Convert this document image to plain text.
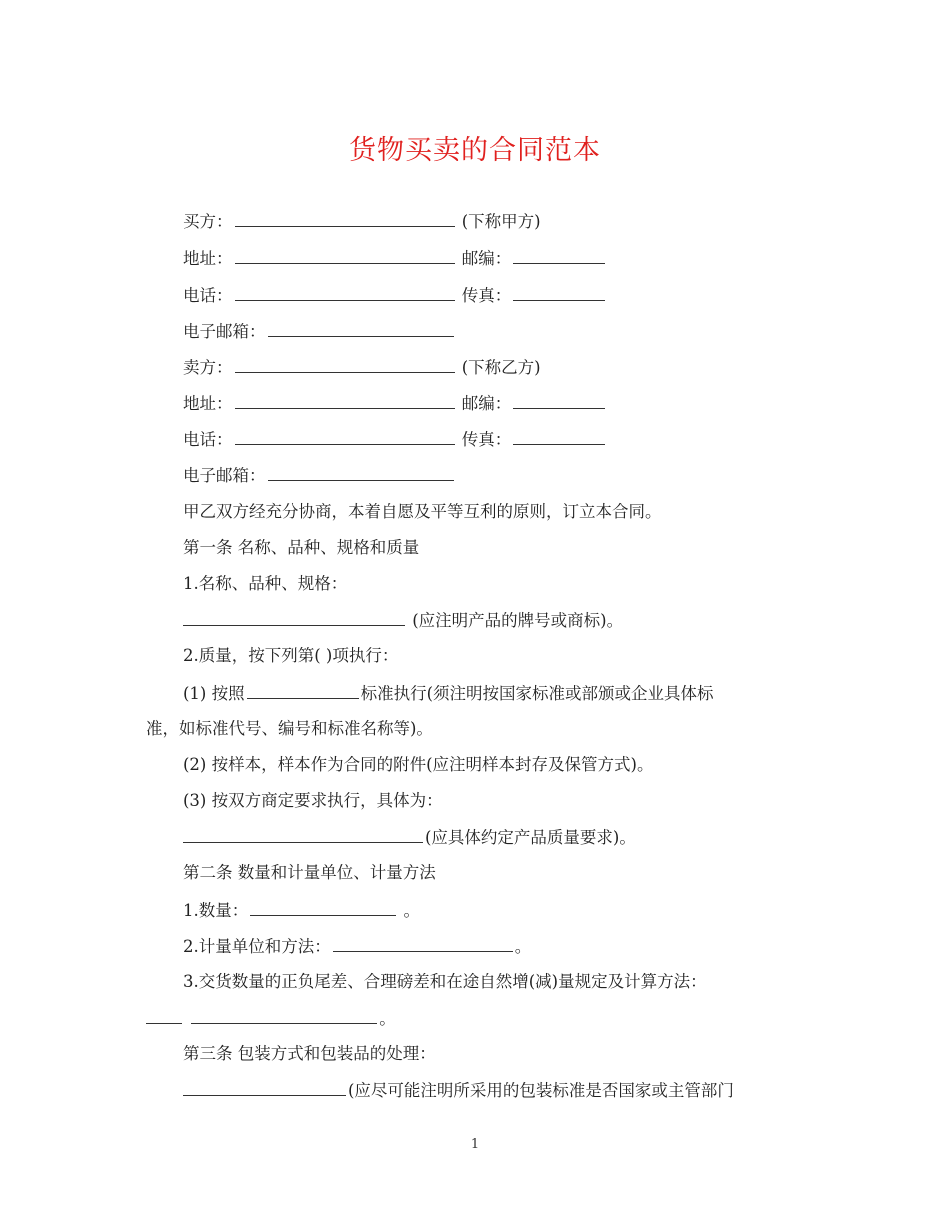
货物买卖的合同范本
买方：	(下称甲方)
地址：	邮编：
电话：	传真：
电子邮箱：
卖方：	(下称乙方)
地址：	邮编：
电话：	传真：
电子邮箱：
甲乙双方经充分协商，本着自愿及平等互利的原则，订立本合同。
第一条 名称、品种、规格和质量
1.名称、品种、规格：
(应注明产品的牌号或商标)。
2.质量，按下列第( )项执行：
(1) 按照	标准执行(须注明按国家标准或部颁或企业具体标
准，如标准代号、编号和标准名称等)。
(2) 按样本，样本作为合同的附件(应注明样本封存及保管方式)。
(3) 按双方商定要求执行，具体为：
(应具体约定产品质量要求)。
第二条 数量和计量单位、计量方法
1.数量：	。
2.计量单位和方法：	。
3.交货数量的正负尾差、合理磅差和在途自然增(减)量规定及计算方法：
。
第三条 包装方式和包装品的处理：
(应尽可能注明所采用的包装标准是否国家或主管部门
1
